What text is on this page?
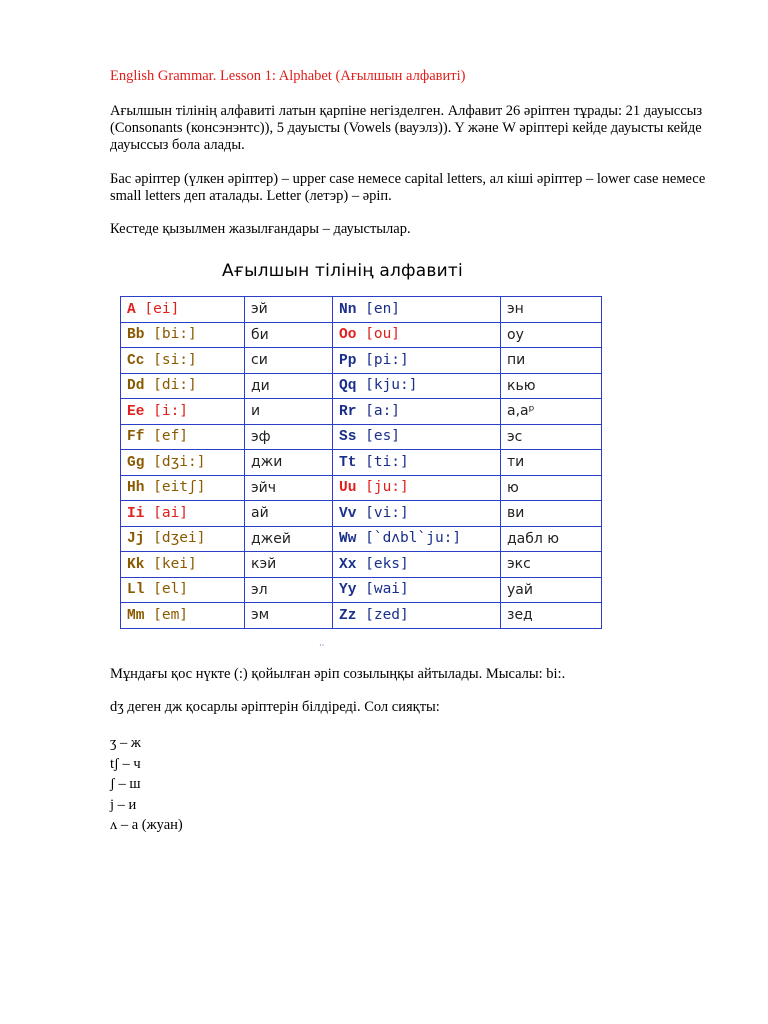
English Grammar. Lesson 1: Alphabet (Ағылшын алфавиті)
Ағылшын тілінің алфавиті латын қарпіне негізделген. Алфавит 26 әріптен тұрады: 21 дауыссыз (Consonants (консэнэнтс)), 5 дауысты (Vowels (вауэлз)). Y және W әріптері кейде дауысты кейде дауыссыз бола алады.
Бас әріптер (үлкен әріптер) – upper case немесе capital letters, ал кіші әріптер – lower case немесе small letters деп аталады. Letter (летэр) – әріп.
Кестеде қызылмен жазылғандары – дауыстылар.
Ағылшын тілінің алфавиті
A [ei]	эй	Nn [en]	эн
Bb [bi:]	би	Oo [ou]	оу
Cc [si:]	си	Pp [pi:]	пи
Dd [di:]	ди	Qq [kju:]	кью
Ee [i:]	и	Rr [a:]	а,аᵖ
Ff [ef]	эф	Ss [es]	эс
Gg [dʒi:]	джи	Tt [ti:]	ти
Hh [eitʃ]	эйч	Uu [ju:]	ю
Ii [ai]	ай	Vv [vi:]	ви
Jj [dʒei]	джей	Ww [`dʌbl`ju:]	дабл ю
Kk [kei]	кэй	Xx [eks]	экс
Ll [el]	эл	Yy [wai]	уай
Mm [em]	эм	Zz [zed]	зед
··
Мұндағы қос нүкте (:) қойылған әріп созылыңқы айтылады. Мысалы: bi:.
dʒ деген дж қосарлы әріптерін білдіреді. Сол сияқты:
ʒ – ж
tʃ – ч
ʃ – ш
j – и
ʌ – а (жуан)
